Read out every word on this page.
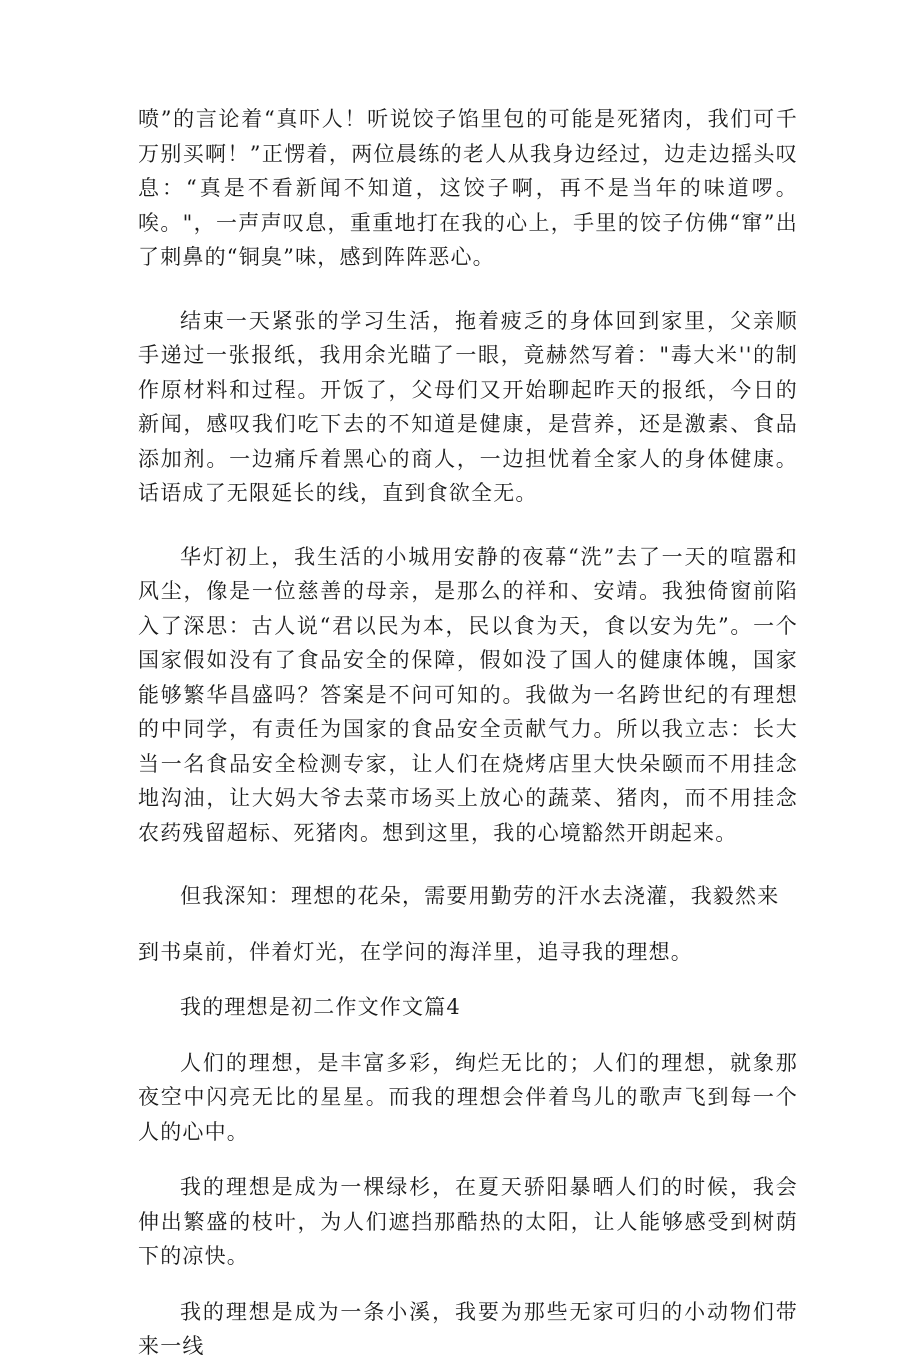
喷”的言论着“真吓人！听说饺子馅里包的可能是死猪肉，我们可千万别买啊！”正愣着，两位晨练的老人从我身边经过，边走边摇头叹息：“真是不看新闻不知道，这饺子啊，再不是当年的味道啰。唉。"，一声声叹息，重重地打在我的心上，手里的饺子仿佛“窜”出了刺鼻的“铜臭”味，感到阵阵恶心。

结束一天紧张的学习生活，拖着疲乏的身体回到家里，父亲顺手递过一张报纸，我用余光瞄了一眼，竟赫然写着："毒大米''的制作原材料和过程。开饭了，父母们又开始聊起昨天的报纸，今日的新闻，感叹我们吃下去的不知道是健康，是营养，还是激素、食品添加剂。一边痛斥着黑心的商人，一边担忧着全家人的身体健康。话语成了无限延长的线，直到食欲全无。

华灯初上，我生活的小城用安静的夜幕“洗”去了一天的喧嚣和风尘，像是一位慈善的母亲，是那么的祥和、安靖。我独倚窗前陷入了深思：古人说“君以民为本，民以食为天，食以安为先”。一个国家假如没有了食品安全的保障，假如没了国人的健康体魄，国家能够繁华昌盛吗？答案是不问可知的。我做为一名跨世纪的有理想的中同学，有责任为国家的食品安全贡献气力。所以我立志：长大当一名食品安全检测专家，让人们在烧烤店里大快朵颐而不用挂念地沟油，让大妈大爷去菜市场买上放心的蔬菜、猪肉，而不用挂念农药残留超标、死猪肉。想到这里，我的心境豁然开朗起来。

但我深知：理想的花朵，需要用勤劳的汗水去浇灌，我毅然来

到书桌前，伴着灯光，在学问的海洋里，追寻我的理想。

我的理想是初二作文作文篇4

人们的理想，是丰富多彩，绚烂无比的；人们的理想，就象那夜空中闪亮无比的星星。而我的理想会伴着鸟儿的歌声飞到每一个人的心中。

我的理想是成为一棵绿杉，在夏天骄阳暴晒人们的时候，我会伸出繁盛的枝叶，为人们遮挡那酷热的太阳，让人能够感受到树荫下的凉快。

我的理想是成为一条小溪，我要为那些无家可归的小动物们带来一线
